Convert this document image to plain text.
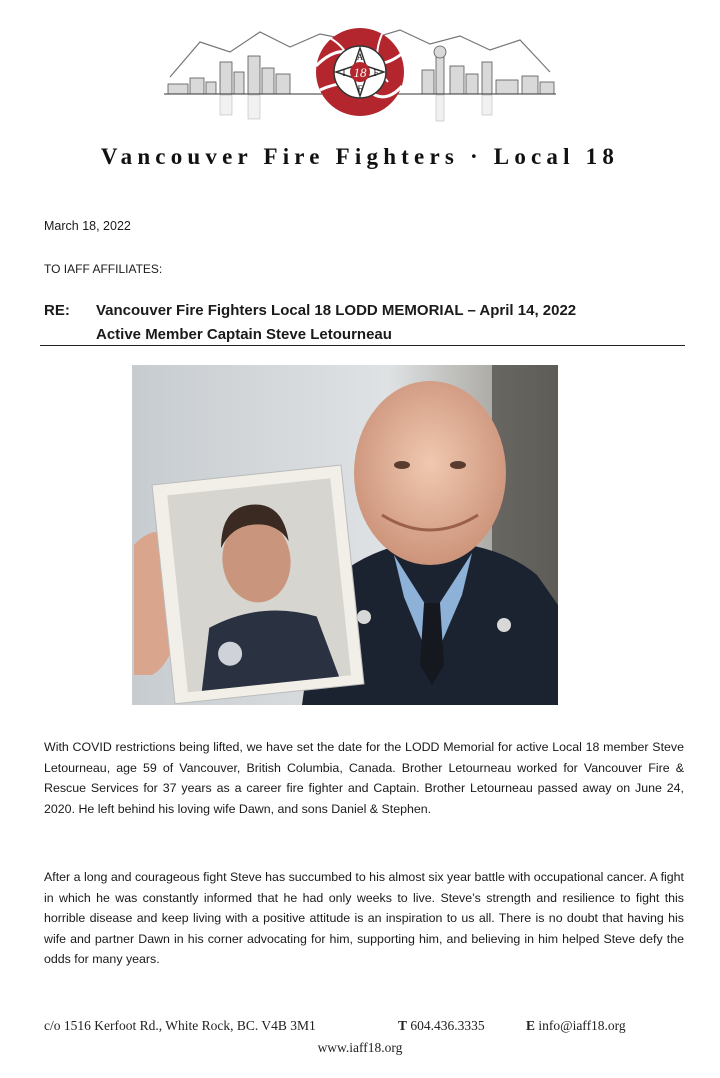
18
A
I	F
F
Vancouver Fire Fighters · Local 18
March 18, 2022
TO IAFF AFFILIATES:
RE: Vancouver Fire Fighters Local 18 LODD MEMORIAL – April 14, 2022
Active Member Captain Steve Letourneau

With COVID restrictions being lifted, we have set the date for the LODD Memorial for active Local 18 member Steve Letourneau, age 59 of Vancouver, British Columbia, Canada. Brother Letourneau worked for Vancouver Fire & Rescue Services for 37 years as a career fire fighter and Captain. Brother Letourneau passed away on June 24, 2020. He left behind his loving wife Dawn, and sons Daniel & Stephen.

After a long and courageous fight Steve has succumbed to his almost six year battle with occupational cancer. A fight in which he was constantly informed that he had only weeks to live. Steve’s strength and resilience to fight this horrible disease and keep living with a positive attitude is an inspiration to us all. There is no doubt that having his wife and partner Dawn in his corner advocating for him, supporting him, and believing in him helped Steve defy the odds for many years.

c/o 1516 Kerfoot Rd., White Rock, BC. V4B 3M1	T 604.436.3335	E info@iaff18.org
www.iaff18.org
